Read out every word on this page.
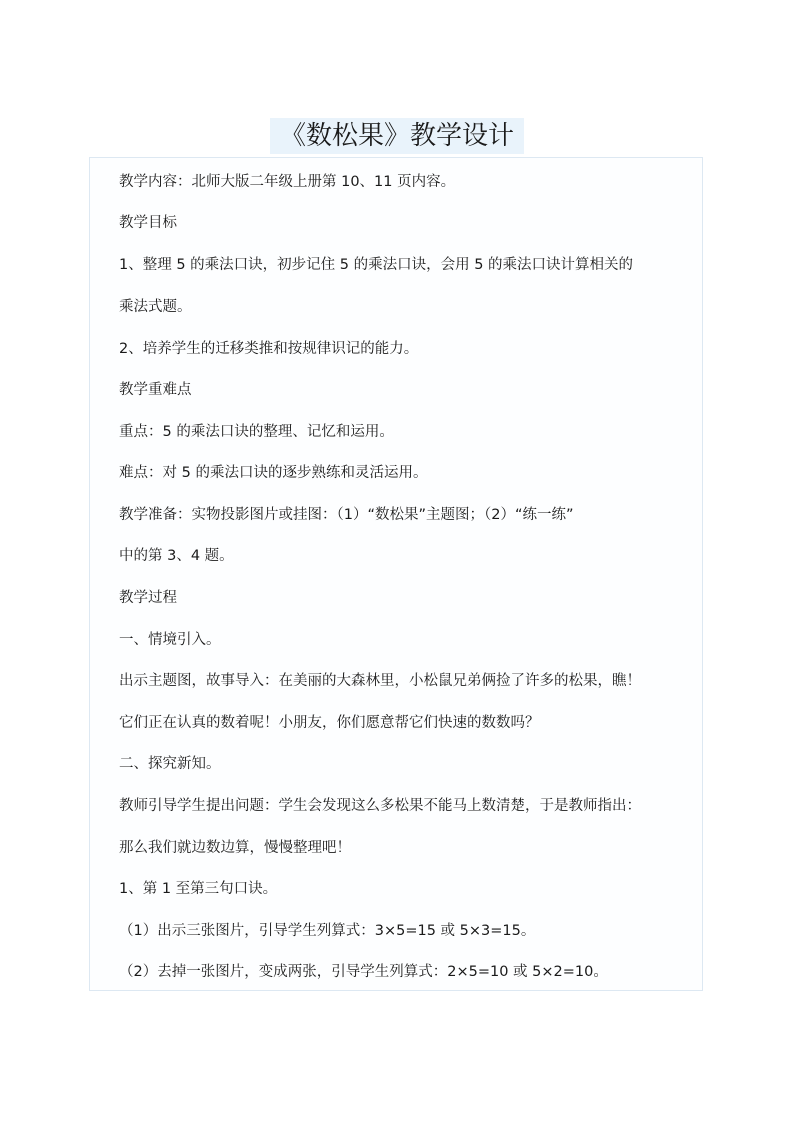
《数松果》教学设计

教学内容：北师大版二年级上册第 10、11 页内容。

教学目标

1、整理 5 的乘法口诀，初步记住 5 的乘法口诀，会用 5 的乘法口诀计算相关的

乘法式题。

2、培养学生的迁移类推和按规律识记的能力。

教学重难点

重点：5 的乘法口诀的整理、记忆和运用。

难点：对 5 的乘法口诀的逐步熟练和灵活运用。

教学准备：实物投影图片或挂图：（1）“数松果”主题图；（2）“练一练”

中的第 3、4 题。

教学过程

一、情境引入。

出示主题图，故事导入：在美丽的大森林里，小松鼠兄弟俩捡了许多的松果，瞧！

它们正在认真的数着呢！小朋友，你们愿意帮它们快速的数数吗？

二、探究新知。

教师引导学生提出问题：学生会发现这么多松果不能马上数清楚，于是教师指出：

那么我们就边数边算，慢慢整理吧！

1、第 1 至第三句口诀。

（1）出示三张图片，引导学生列算式：3×5=15 或 5×3=15。

（2）去掉一张图片，变成两张，引导学生列算式：2×5=10 或 5×2=10。
